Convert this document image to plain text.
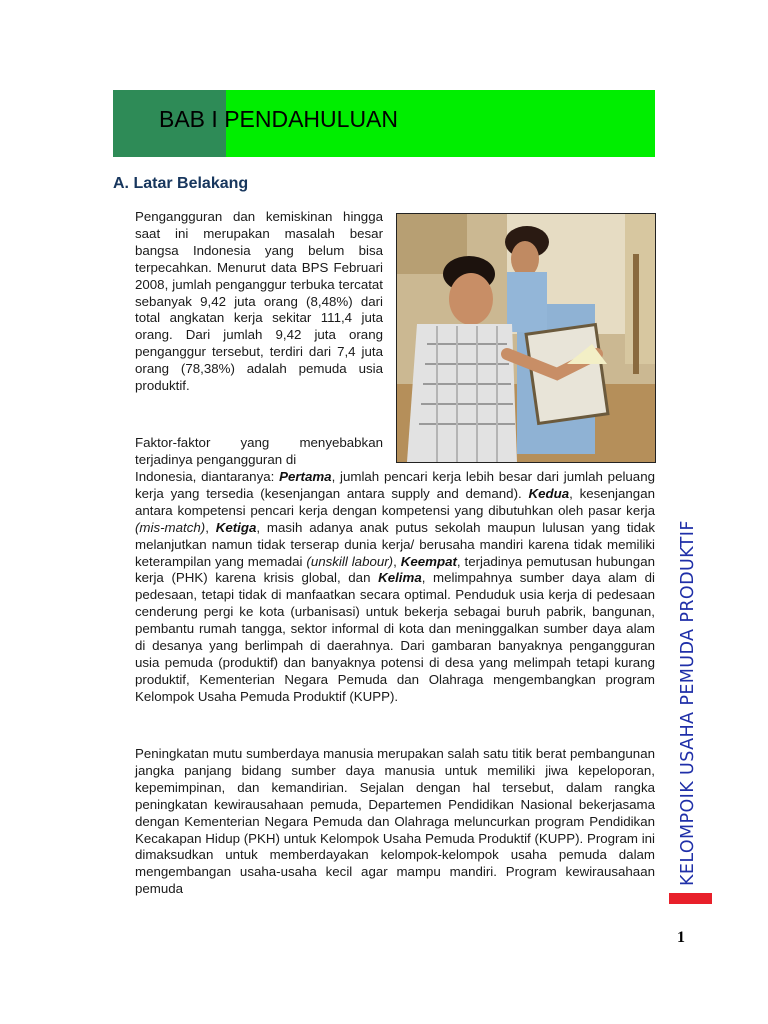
BAB I PENDAHULUAN
A. Latar Belakang

Pengangguran dan kemiskinan hingga saat ini merupakan masalah besar bangsa Indonesia yang belum bisa terpecahkan. Menurut data BPS Februari 2008, jumlah penganggur terbuka tercatat sebanyak 9,42 juta orang (8,48%) dari total angkatan kerja sekitar 111,4 juta orang. Dari jumlah 9,42 juta orang penganggur tersebut, terdiri dari 7,4 juta orang (78,38%) adalah pemuda usia produktif.

Faktor-faktor yang menyebabkan terjadinya pengangguran di

Indonesia, diantaranya: Pertama, jumlah pencari kerja lebih besar dari jumlah peluang kerja yang tersedia (kesenjangan antara supply and demand). Kedua, kesenjangan antara kompetensi pencari kerja dengan kompetensi yang dibutuhkan oleh pasar kerja (mis-match), Ketiga, masih adanya anak putus sekolah maupun lulusan yang tidak melanjutkan namun tidak terserap dunia kerja/ berusaha mandiri karena tidak memiliki keterampilan yang memadai (unskill labour), Keempat, terjadinya pemutusan hubungan kerja (PHK) karena krisis global, dan Kelima, melimpahnya sumber daya alam di pedesaan, tetapi tidak di manfaatkan secara optimal. Penduduk usia kerja di pedesaan cenderung pergi ke kota (urbanisasi) untuk bekerja sebagai buruh pabrik, bangunan, pembantu rumah tangga, sektor informal di kota dan meninggalkan sumber daya alam di desanya yang berlimpah di daerahnya. Dari gambaran banyaknya pengangguran usia pemuda (produktif) dan banyaknya potensi di desa yang melimpah tetapi kurang produktif, Kementerian Negara Pemuda dan Olahraga mengembangkan program Kelompok Usaha Pemuda Produktif (KUPP).

Peningkatan mutu sumberdaya manusia merupakan salah satu titik berat pembangunan jangka panjang bidang sumber daya manusia untuk memiliki jiwa kepeloporan, kepemimpinan, dan kemandirian. Sejalan dengan hal tersebut, dalam rangka peningkatan kewirausahaan pemuda, Departemen Pendidikan Nasional bekerjasama dengan Kementerian Negara Pemuda dan Olahraga meluncurkan program Pendidikan Kecakapan Hidup (PKH) untuk Kelompok Usaha Pemuda Produktif (KUPP). Program ini dimaksudkan untuk memberdayakan kelompok-kelompok usaha pemuda dalam mengembangan usaha-usaha kecil agar mampu mandiri. Program kewirausahaan pemuda

KELOMPOIK USAHA PEMUDA PRODUKTIF
1
